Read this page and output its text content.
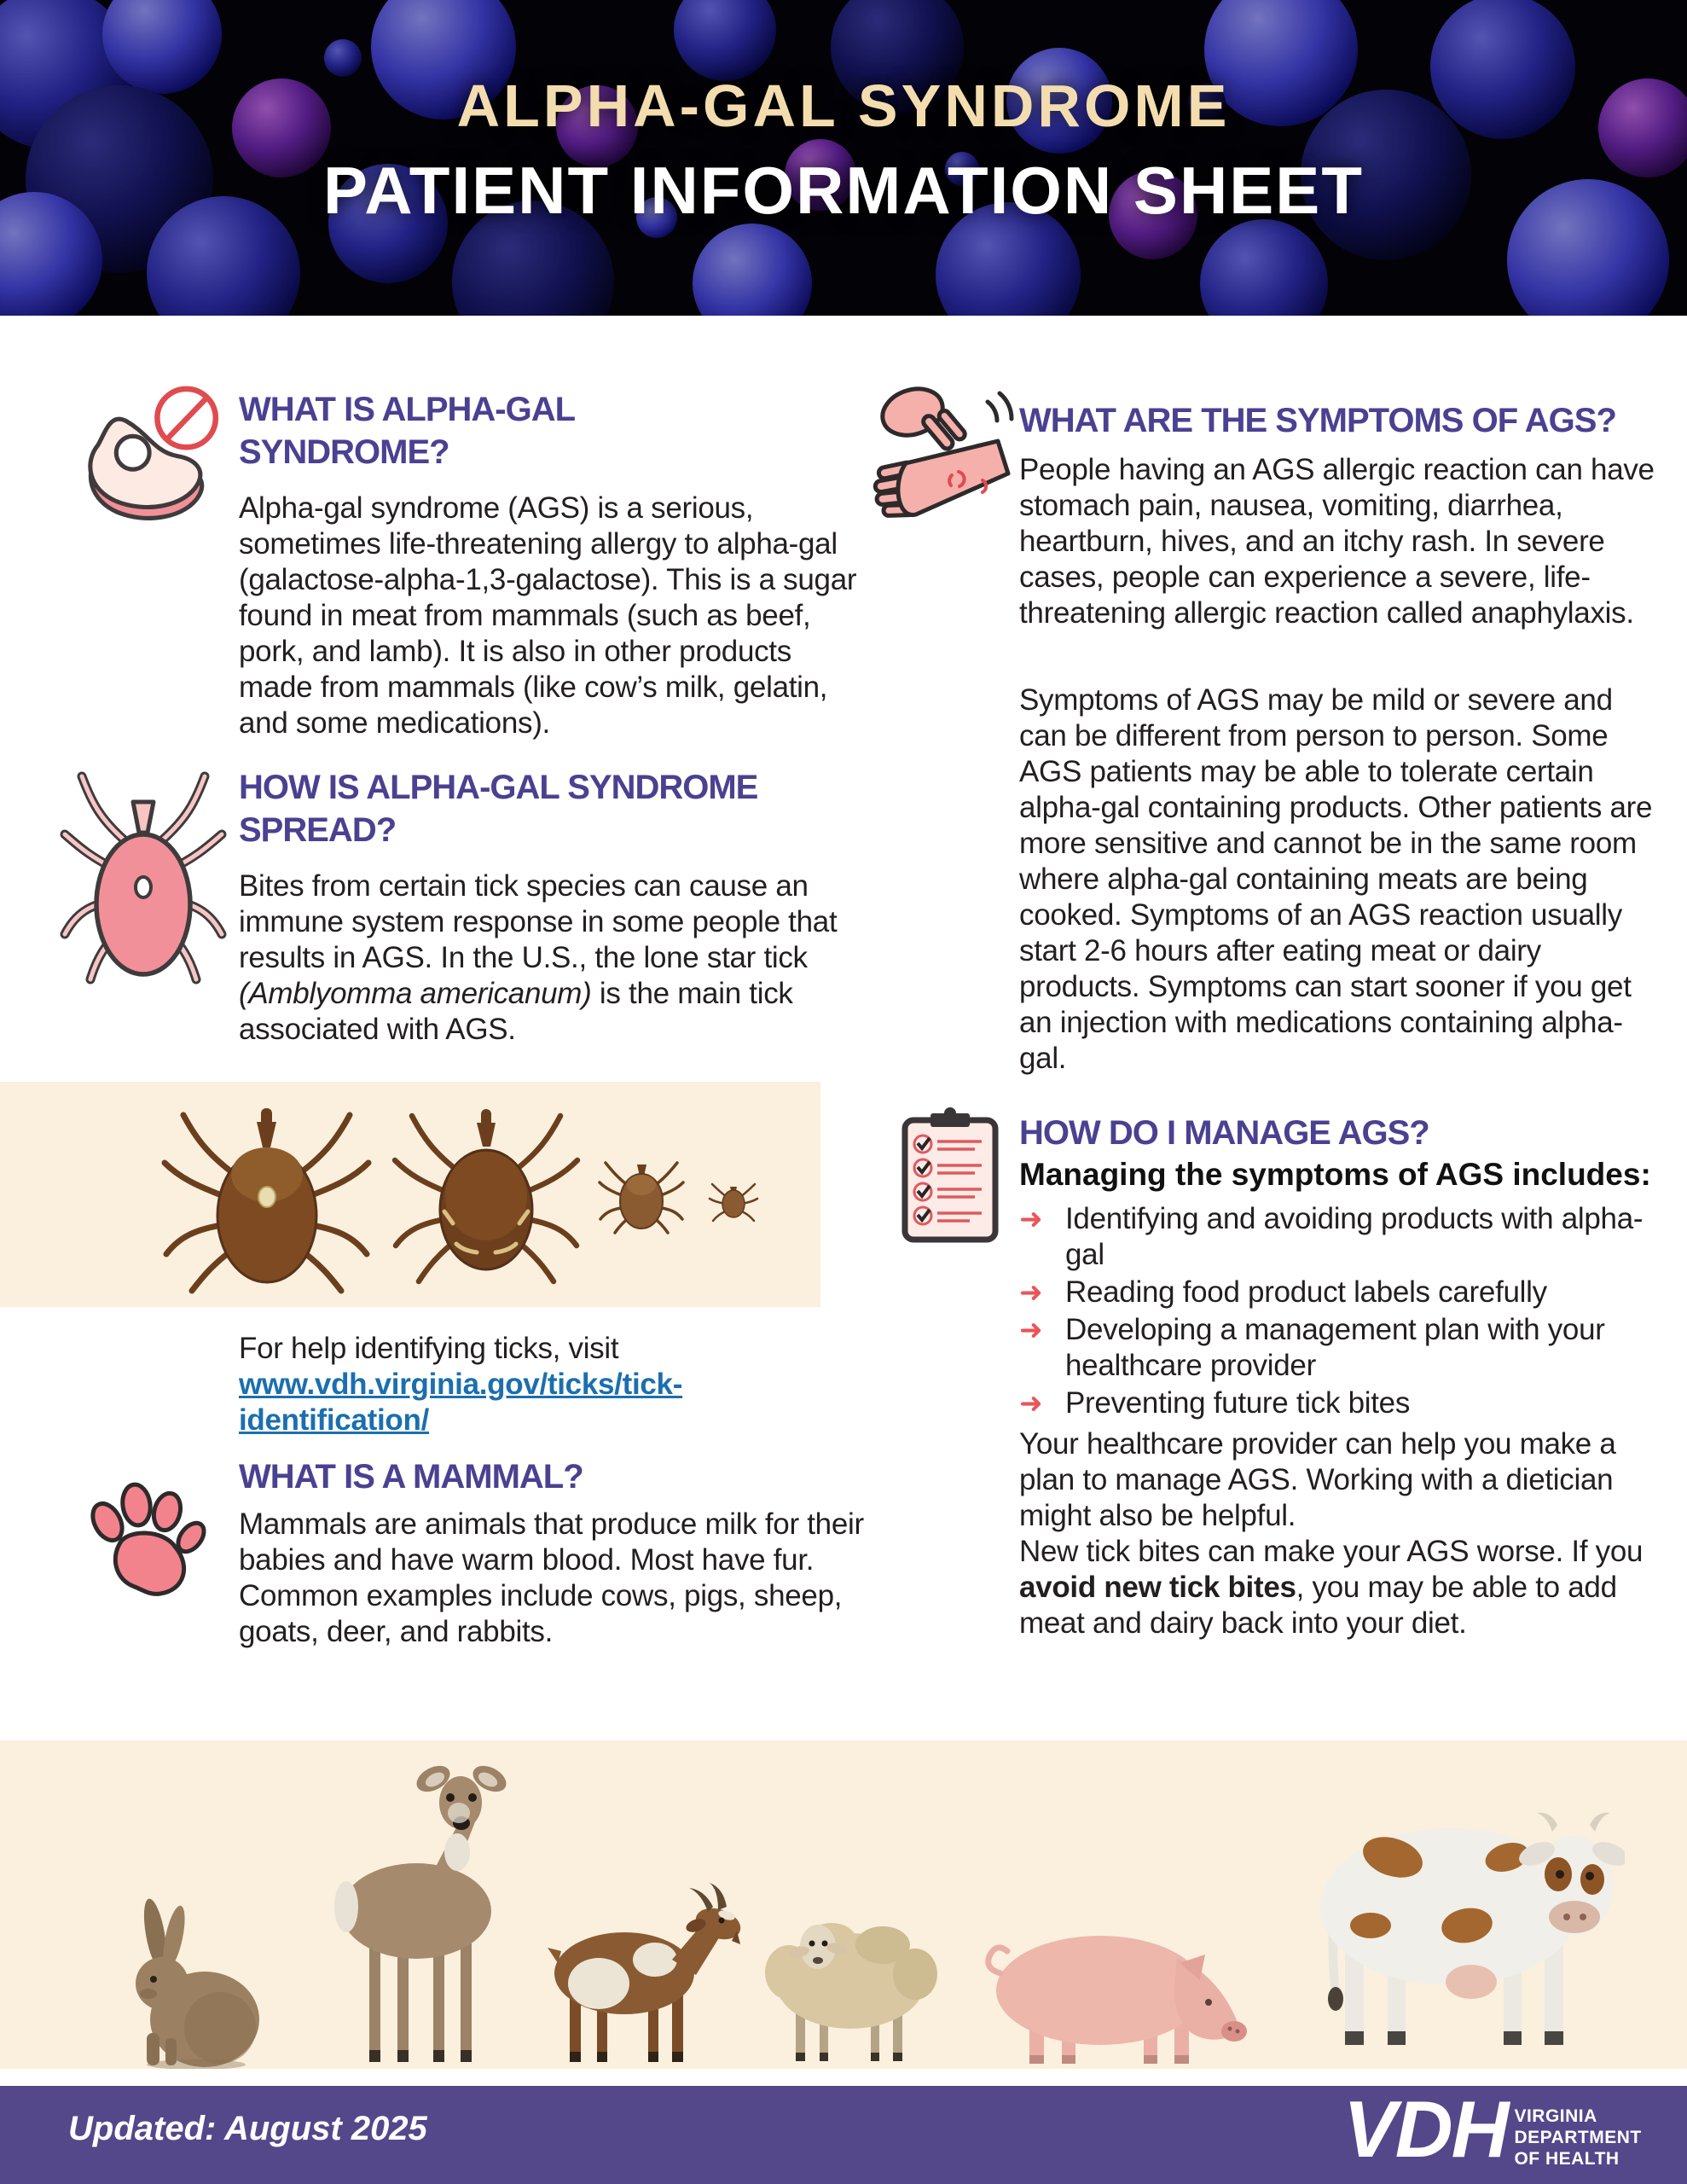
ALPHA-GAL SYNDROME
PATIENT INFORMATION SHEET
WHAT IS ALPHA-GAL SYNDROME?
Alpha-gal syndrome (AGS) is a serious, sometimes life-threatening allergy to alpha-gal (galactose-alpha-1,3-galactose). This is a sugar found in meat from mammals (such as beef, pork, and lamb). It is also in other products made from mammals (like cow’s milk, gelatin, and some medications).
HOW IS ALPHA-GAL SYNDROME SPREAD?
Bites from certain tick species can cause an immune system response in some people that results in AGS. In the U.S., the lone star tick (Amblyomma americanum) is the main tick associated with AGS.
For help identifying ticks, visit www.vdh.virginia.gov/ticks/tick-identification/
WHAT IS A MAMMAL?
Mammals are animals that produce milk for their babies and have warm blood. Most have fur. Common examples include cows, pigs, sheep, goats, deer, and rabbits.
WHAT ARE THE SYMPTOMS OF AGS?
People having an AGS allergic reaction can have stomach pain, nausea, vomiting, diarrhea, heartburn, hives, and an itchy rash. In severe cases, people can experience a severe, life-threatening allergic reaction called anaphylaxis.
Symptoms of AGS may be mild or severe and can be different from person to person. Some AGS patients may be able to tolerate certain alpha-gal containing products. Other patients are more sensitive and cannot be in the same room where alpha-gal containing meats are being cooked. Symptoms of an AGS reaction usually start 2-6 hours after eating meat or dairy products. Symptoms can start sooner if you get an injection with medications containing alpha-gal.
HOW DO I MANAGE AGS?
Managing the symptoms of AGS includes:
➜ Identifying and avoiding products with alpha-gal
➜ Reading food product labels carefully
➜ Developing a management plan with your healthcare provider
➜ Preventing future tick bites
Your healthcare provider can help you make a plan to manage AGS. Working with a dietician might also be helpful.
New tick bites can make your AGS worse. If you avoid new tick bites, you may be able to add meat and dairy back into your diet.
Updated: August 2025	VDH VIRGINIA
DEPARTMENT
OF HEALTH
